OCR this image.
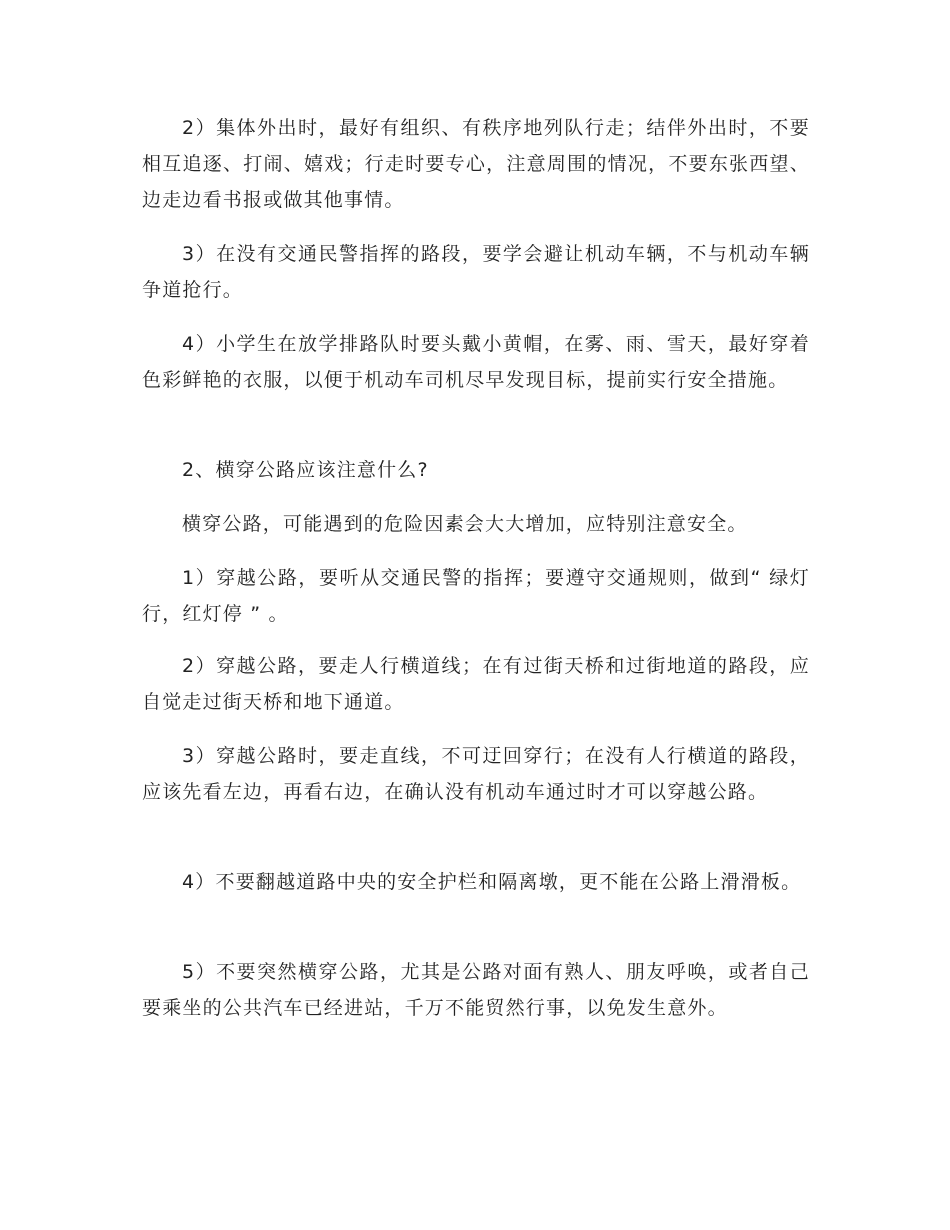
2）集体外出时，最好有组织、有秩序地列队行走；结伴外出时，不要相互追逐、打闹、嬉戏；行走时要专心，注意周围的情况，不要东张西望、边走边看书报或做其他事情。

3）在没有交通民警指挥的路段，要学会避让机动车辆，不与机动车辆争道抢行。

4）小学生在放学排路队时要头戴小黄帽，在雾、雨、雪天，最好穿着色彩鲜艳的衣服，以便于机动车司机尽早发现目标，提前实行安全措施。

2、横穿公路应该注意什么?

横穿公路，可能遇到的危险因素会大大增加，应特别注意安全。

1）穿越公路，要听从交通民警的指挥；要遵守交通规则，做到“ 绿灯行，红灯停 ” 。

2）穿越公路，要走人行横道线；在有过街天桥和过街地道的路段，应自觉走过街天桥和地下通道。

3）穿越公路时，要走直线，不可迂回穿行；在没有人行横道的路段，应该先看左边，再看右边，在确认没有机动车通过时才可以穿越公路。

4）不要翻越道路中央的安全护栏和隔离墩，更不能在公路上滑滑板。

5）不要突然横穿公路，尤其是公路对面有熟人、朋友呼唤，或者自己要乘坐的公共汽车已经进站，千万不能贸然行事，以免发生意外。
